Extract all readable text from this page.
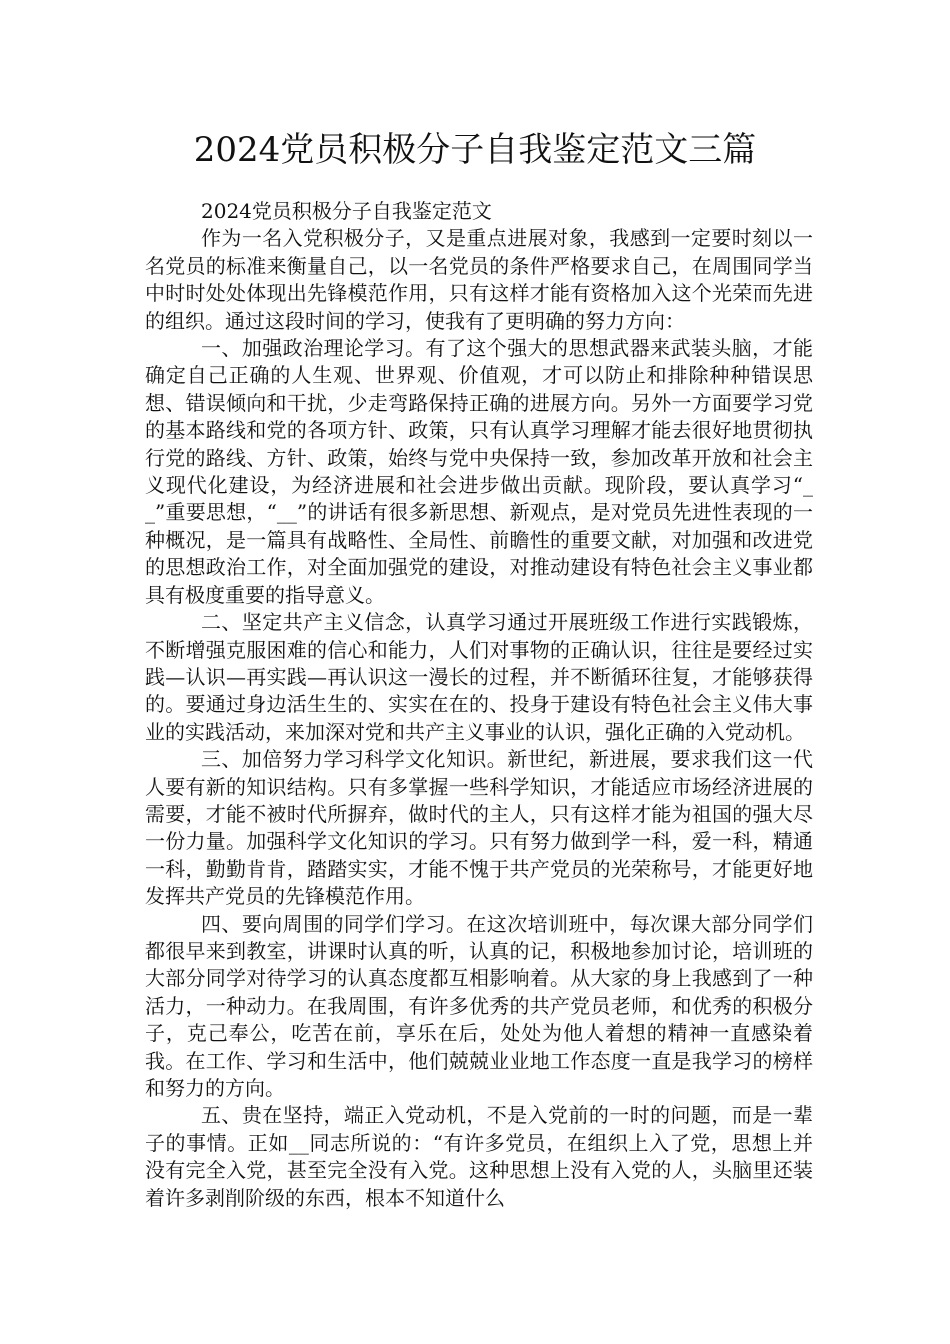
2024党员积极分子自我鉴定范文三篇

2024党员积极分子自我鉴定范文

作为一名入党积极分子，又是重点进展对象，我感到一定要时刻以一名党员的标准来衡量自己，以一名党员的条件严格要求自己，在周围同学当中时时处处体现出先锋模范作用，只有这样才能有资格加入这个光荣而先进的组织。通过这段时间的学习，使我有了更明确的努力方向：

一、加强政治理论学习。有了这个强大的思想武器来武装头脑，才能确定自己正确的人生观、世界观、价值观，才可以防止和排除种种错误思想、错误倾向和干扰，少走弯路保持正确的进展方向。另外一方面要学习党的基本路线和党的各项方针、政策，只有认真学习理解才能去很好地贯彻执行党的路线、方针、政策，始终与党中央保持一致，参加改革开放和社会主义现代化建设，为经济进展和社会进步做出贡献。现阶段，要认真学习“__”重要思想，“__”的讲话有很多新思想、新观点，是对党员先进性表现的一种概况，是一篇具有战略性、全局性、前瞻性的重要文献，对加强和改进党的思想政治工作，对全面加强党的建设，对推动建设有特色社会主义事业都具有极度重要的指导意义。

二、坚定共产主义信念，认真学习通过开展班级工作进行实践锻炼，不断增强克服困难的信心和能力，人们对事物的正确认识，往往是要经过实践—认识—再实践—再认识这一漫长的过程，并不断循环往复，才能够获得的。要通过身边活生生的、实实在在的、投身于建设有特色社会主义伟大事业的实践活动，来加深对党和共产主义事业的认识，强化正确的入党动机。

三、加倍努力学习科学文化知识。新世纪，新进展，要求我们这一代人要有新的知识结构。只有多掌握一些科学知识，才能适应市场经济进展的需要，才能不被时代所摒弃，做时代的主人，只有这样才能为祖国的强大尽一份力量。加强科学文化知识的学习。只有努力做到学一科，爱一科，精通一科，勤勤肯肯，踏踏实实，才能不愧于共产党员的光荣称号，才能更好地发挥共产党员的先锋模范作用。

四、要向周围的同学们学习。在这次培训班中，每次课大部分同学们都很早来到教室，讲课时认真的听，认真的记，积极地参加讨论，培训班的大部分同学对待学习的认真态度都互相影响着。从大家的身上我感到了一种活力，一种动力。在我周围，有许多优秀的共产党员老师，和优秀的积极分子，克己奉公，吃苦在前，享乐在后，处处为他人着想的精神一直感染着我。在工作、学习和生活中，他们兢兢业业地工作态度一直是我学习的榜样和努力的方向。

五、贵在坚持，端正入党动机，不是入党前的一时的问题，而是一辈子的事情。正如__同志所说的：“有许多党员，在组织上入了党，思想上并没有完全入党，甚至完全没有入党。这种思想上没有入党的人，头脑里还装着许多剥削阶级的东西，根本不知道什么
